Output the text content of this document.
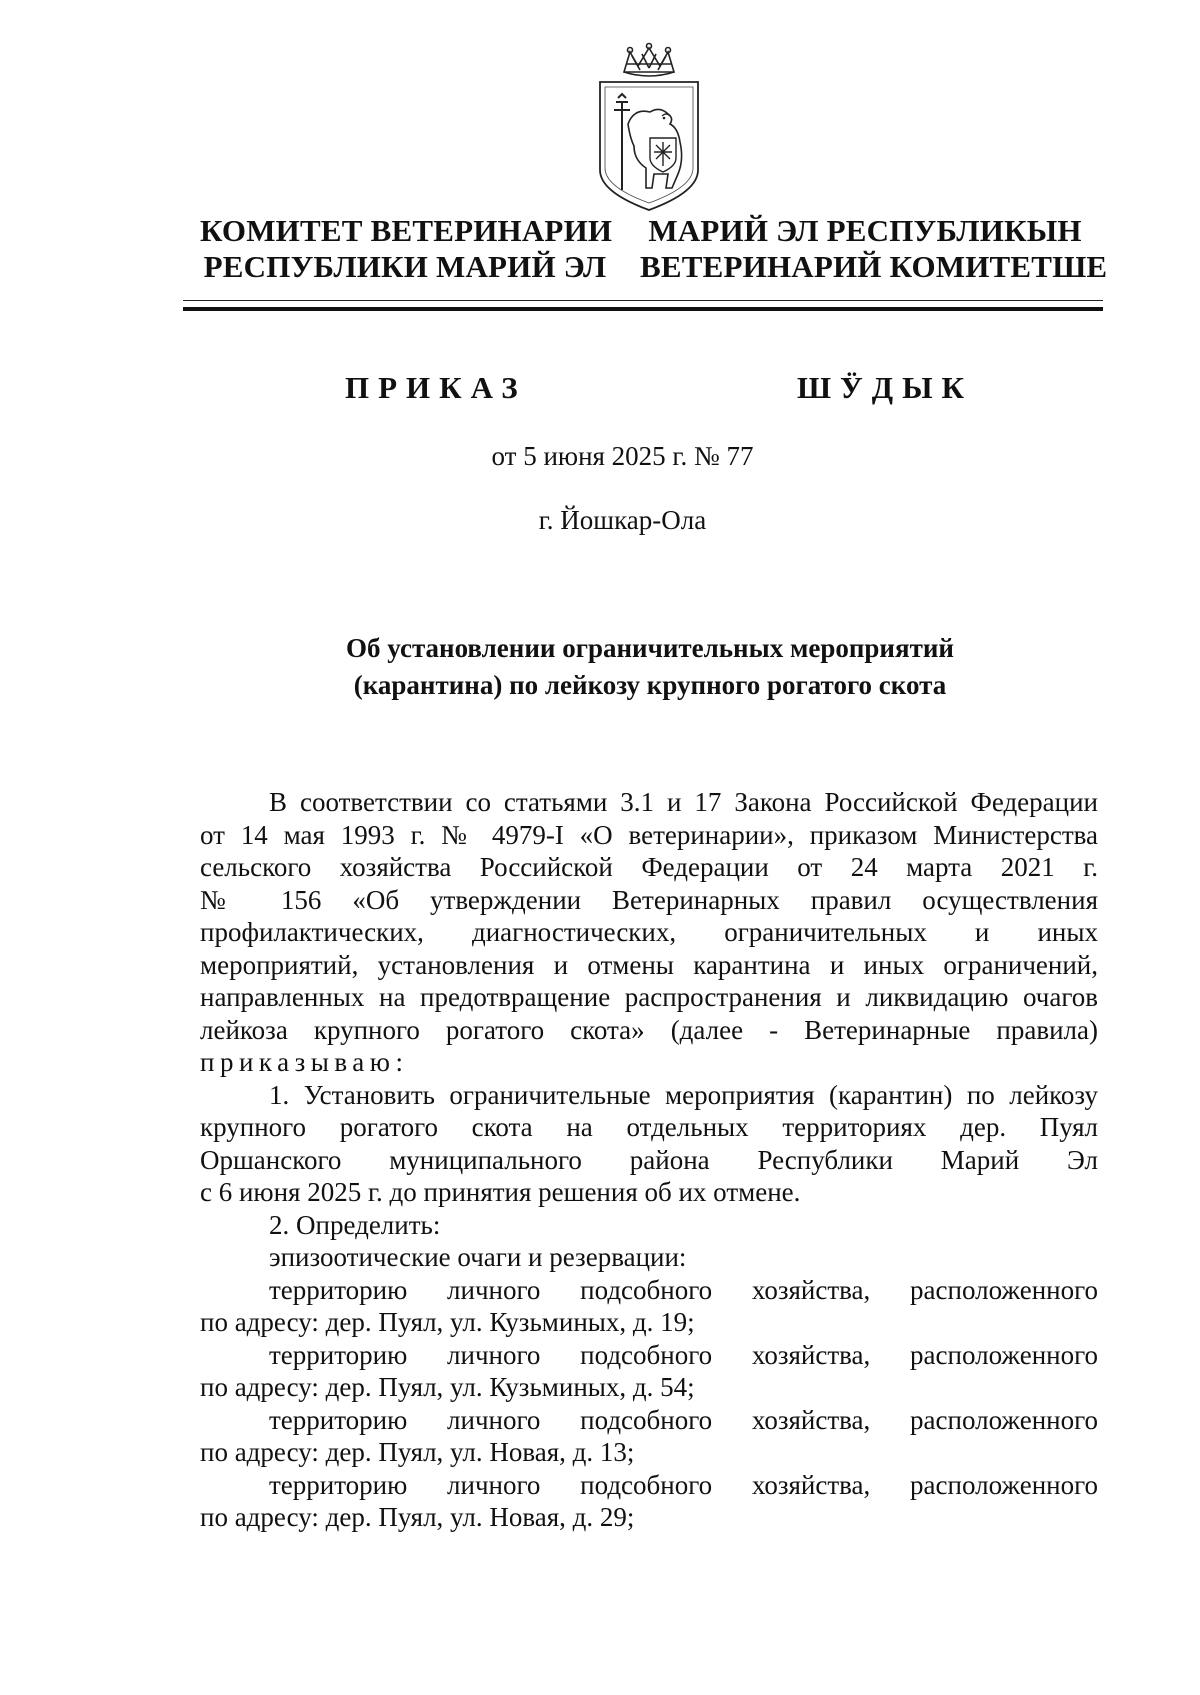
КОМИТЕТ ВЕТЕРИНАРИИ
РЕСПУБЛИКИ МАРИЙ ЭЛ
МАРИЙ ЭЛ РЕСПУБЛИКЫН
ВЕТЕРИНАРИЙ КОМИТЕТШЕ
ПРИКАЗ	ШӰДЫК
от 5 июня 2025 г. № 77
г. Йошкар-Ола
Об установлении ограничительных мероприятий
(карантина) по лейкозу крупного рогатого скота
В соответствии со статьями 3.1 и 17 Закона Российской Федерации
от 14 мая 1993 г. № 4979-I «О ветеринарии», приказом Министерства
сельского хозяйства Российской Федерации от 24 марта 2021 г.
№ 156 «Об утверждении Ветеринарных правил осуществления
профилактических, диагностических, ограничительных и иных
мероприятий, установления и отмены карантина и иных ограничений,
направленных на предотвращение распространения и ликвидацию очагов
лейкоза крупного рогатого скота» (далее - Ветеринарные правила)
приказываю:
1. Установить ограничительные мероприятия (карантин) по лейкозу
крупного рогатого скота на отдельных территориях дер. Пуял
Оршанского муниципального района Республики Марий Эл
с 6 июня 2025 г. до принятия решения об их отмене.
2. Определить:
эпизоотические очаги и резервации:
территорию личного подсобного хозяйства, расположенного
по адресу: дер. Пуял, ул. Кузьминых, д. 19;
территорию личного подсобного хозяйства, расположенного
по адресу: дер. Пуял, ул. Кузьминых, д. 54;
территорию личного подсобного хозяйства, расположенного
по адресу: дер. Пуял, ул. Новая, д. 13;
территорию личного подсобного хозяйства, расположенного
по адресу: дер. Пуял, ул. Новая, д. 29;
